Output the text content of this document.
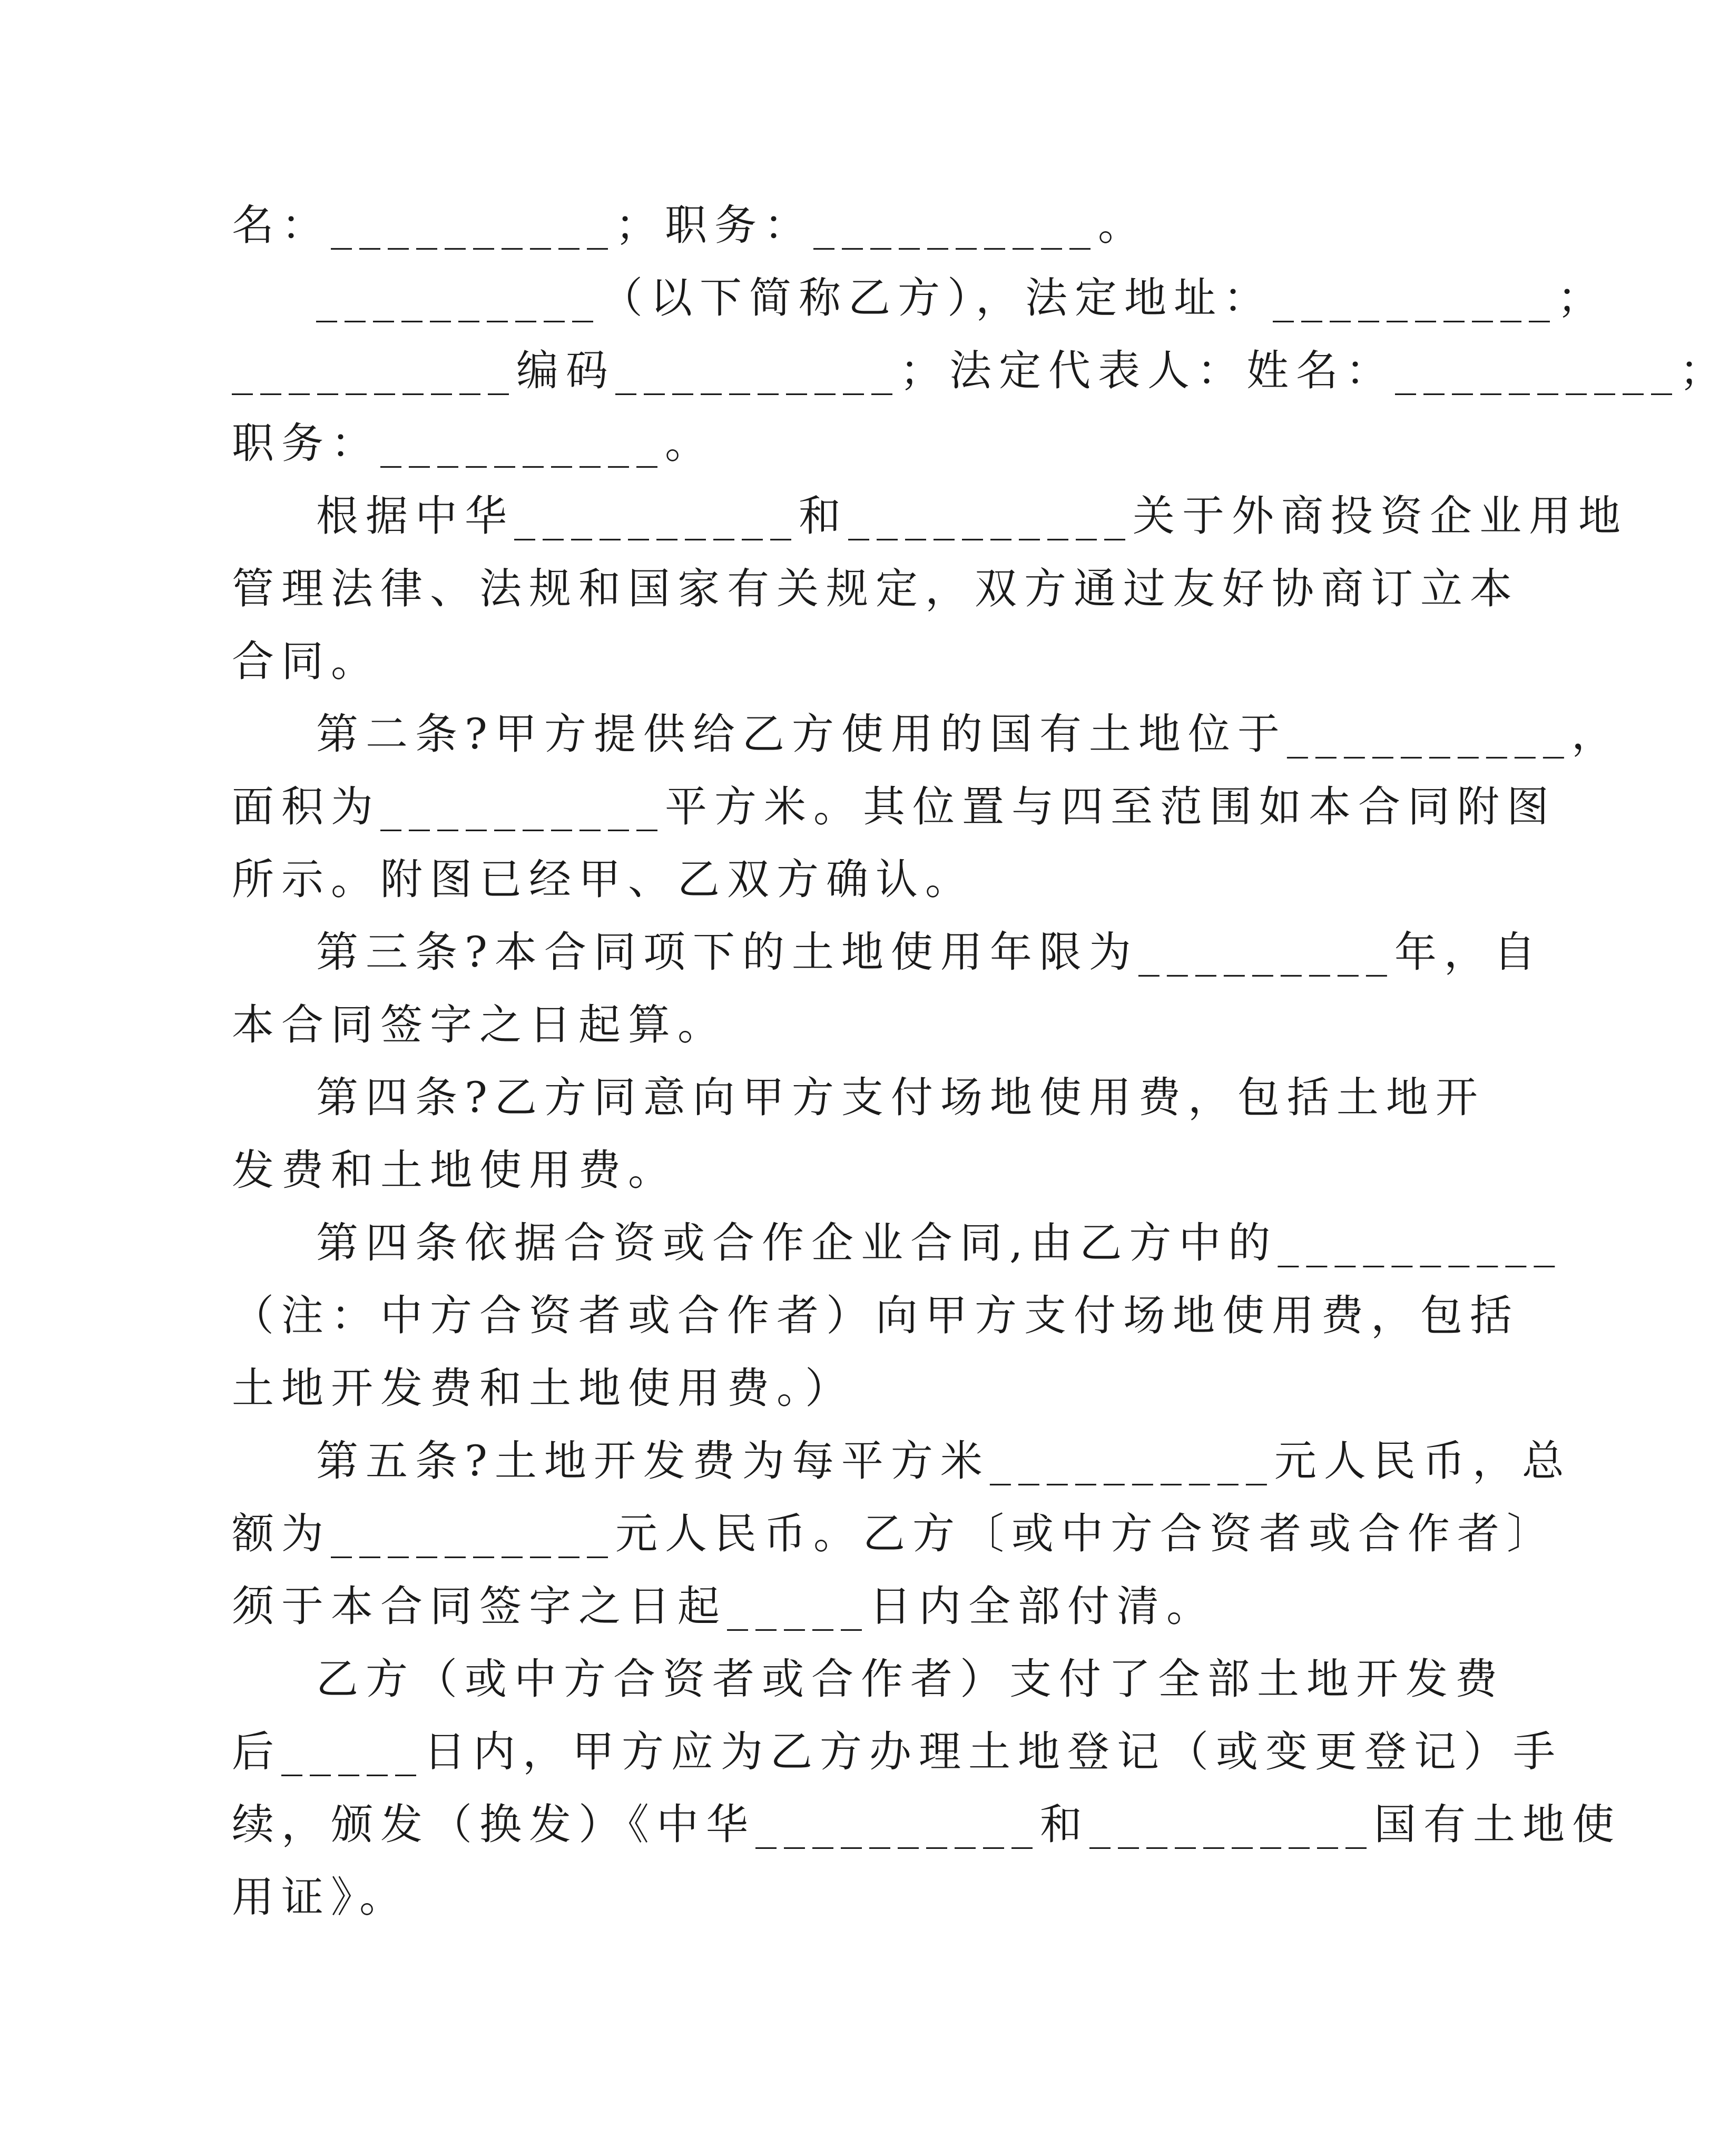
名：__________；职务：__________。
__________（以下简称乙方），法定地址：__________；
__________编码__________；法定代表人：姓名：__________；
职务：__________。
根据中华__________和__________关于外商投资企业用地
管理法律、法规和国家有关规定，双方通过友好协商订立本
合同。
第二条?甲方提供给乙方使用的国有土地位于__________，
面积为__________平方米。其位置与四至范围如本合同附图
所示。附图已经甲、乙双方确认。
第三条?本合同项下的土地使用年限为_________年，自
本合同签字之日起算。
第四条?乙方同意向甲方支付场地使用费，包括土地开
发费和土地使用费。
第四条依据合资或合作企业合同,由乙方中的__________
（注：中方合资者或合作者）向甲方支付场地使用费，包括
土地开发费和土地使用费。）
第五条?土地开发费为每平方米__________元人民币，总
额为__________元人民币。乙方〔或中方合资者或合作者〕
须于本合同签字之日起_____日内全部付清。
乙方（或中方合资者或合作者）支付了全部土地开发费
后_____日内，甲方应为乙方办理土地登记（或变更登记）手
续，颁发（换发）《中华__________和__________国有土地使
用证》。
